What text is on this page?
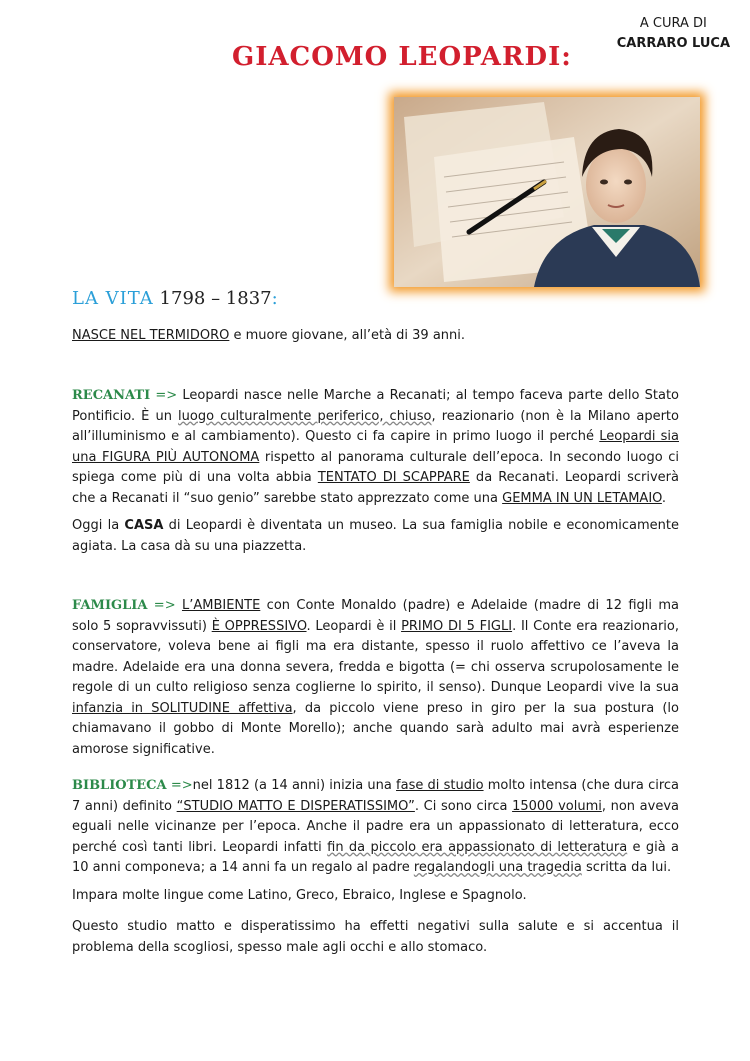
A CURA DI
CARRARO LUCA
GIACOMO LEOPARDI:
LA VITA 1798 – 1837:

NASCE NEL TERMIDORO e muore giovane, all’età di 39 anni.

RECANATI => Leopardi nasce nelle Marche a Recanati; al tempo faceva parte dello Stato Pontificio. È un luogo culturalmente periferico, chiuso, reazionario (non è la Milano aperto all’illuminismo e al cambiamento). Questo ci fa capire in primo luogo il perché Leopardi sia una FIGURA PIÙ AUTONOMA rispetto al panorama culturale dell’epoca. In secondo luogo ci spiega come più di una volta abbia TENTATO DI SCAPPARE da Recanati. Leopardi scriverà che a Recanati il “suo genio” sarebbe stato apprezzato come una GEMMA IN UN LETAMAIO.

Oggi la CASA di Leopardi è diventata un museo. La sua famiglia nobile e economicamente agiata. La casa dà su una piazzetta.

FAMIGLIA => L’AMBIENTE con Conte Monaldo (padre) e Adelaide (madre di 12 figli ma solo 5 sopravvissuti) È OPPRESSIVO. Leopardi è il PRIMO DI 5 FIGLI. Il Conte era reazionario, conservatore, voleva bene ai figli ma era distante, spesso il ruolo affettivo ce l’aveva la madre. Adelaide era una donna severa, fredda e bigotta (= chi osserva scrupolosamente le regole di un culto religioso senza coglierne lo spirito, il senso). Dunque Leopardi vive la sua infanzia in SOLITUDINE affettiva, da piccolo viene preso in giro per la sua postura (lo chiamavano il gobbo di Monte Morello); anche quando sarà adulto mai avrà esperienze amorose significative.

BIBLIOTECA =>nel 1812 (a 14 anni) inizia una fase di studio molto intensa (che dura circa 7 anni) definito “STUDIO MATTO E DISPERATISSIMO”. Ci sono circa 15000 volumi, non aveva eguali nelle vicinanze per l’epoca. Anche il padre era un appassionato di letteratura, ecco perché così tanti libri. Leopardi infatti fin da piccolo era appassionato di letteratura e già a 10 anni componeva; a 14 anni fa un regalo al padre regalandogli una tragedia scritta da lui.

Impara molte lingue come Latino, Greco, Ebraico, Inglese e Spagnolo.

Questo studio matto e disperatissimo ha effetti negativi sulla salute e si accentua il problema della scogliosi, spesso male agli occhi e allo stomaco.
